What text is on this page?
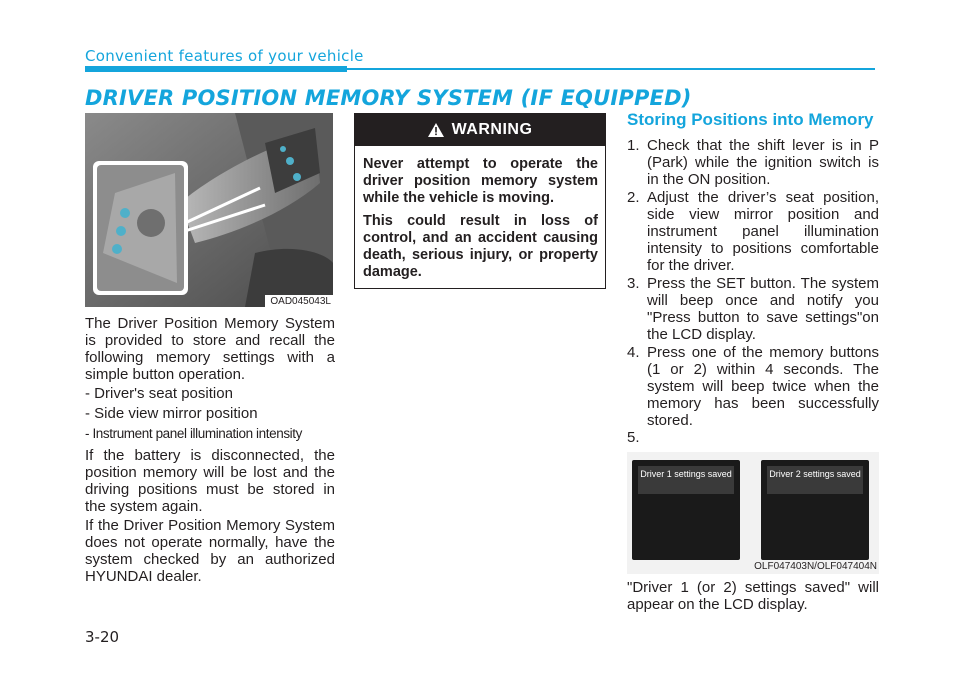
Convenient features of your vehicle
DRIVER POSITION MEMORY SYSTEM (IF EQUIPPED)
OAD045043L
The Driver Position Memory System is provided to store and recall the following memory settings with a simple button operation.
- Driver's seat position
- Side view mirror position
- Instrument panel illumination intensity
If the battery is disconnected, the position memory will be lost and the driving positions must be stored in the system again.
If the Driver Position Memory System does not operate normally, have the system checked by an authorized HYUNDAI dealer.
WARNING

Never attempt to operate the driver position memory system while the vehicle is moving.

This could result in loss of control, and an accident causing death, serious injury, or property damage.

Storing Positions into Memory
1. Check that the shift lever is in P (Park) while the ignition switch is in the ON position.
2. Adjust the driver’s seat position, side view mirror position and instrument panel illumination intensity to positions comfortable for the driver.
3. Press the SET button. The system will beep once and notify you "Press button to save settings"on the LCD display.
4. Press one of the memory buttons (1 or 2) within 4 seconds. The system will beep twice when the memory has been successfully stored.
5.
Driver 1 settings saved	Driver 2 settings saved
OLF047403N/OLF047404N
"Driver 1 (or 2) settings saved" will appear on the LCD display.
3-20
